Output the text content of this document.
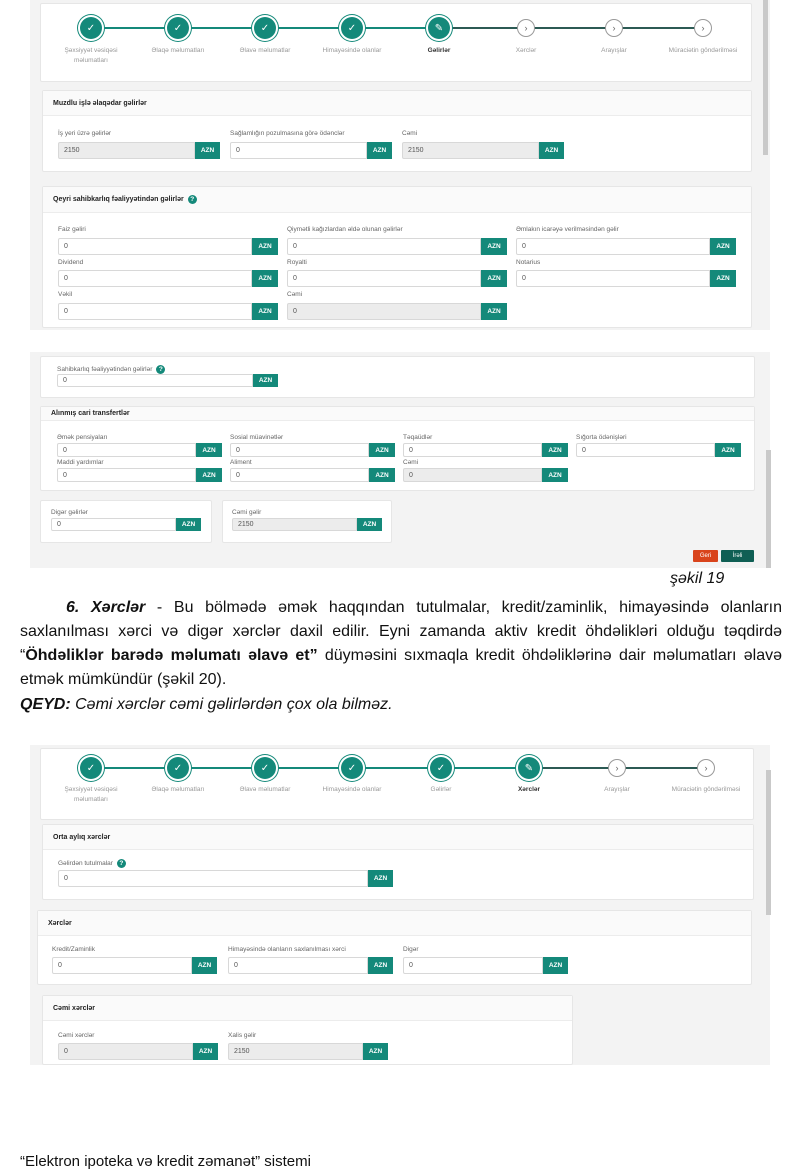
✓
Şəxsiyyət vəsiqəsi məlumatları
✓
Əlaqə məlumatları
✓
Əlavə məlumatlar
✓
Himayəsində olanlar
✎
Gəlirlər
›
Xərclər
›
Arayışlar
›
Müraciətin göndərilməsi
Muzdlu işlə əlaqədar gəlirlər
İş yeri üzrə gəlirlər
2150	AZN
Sağlamlığın pozulmasına görə ödənclər
0	AZN
Cəmi
2150	AZN
Qeyri sahibkarlıq fəaliyyətindən gəlirlər	?
Faiz gəliri
0	AZN
Qiymətli kağızlardan əldə olunan gəlirlər
0	AZN
Əmlakın icarəyə verilməsindən gəlir
0	AZN
Dividend
0	AZN
Royalti
0	AZN
Notarius
0	AZN
Vəkil
0	AZN
Cəmi
0	AZN
Sahibkarlıq fəaliyyətindən gəlirlər ?
0	AZN
Alınmış cari transfertlər
Əmək pensiyaları
0	AZN
Sosial müavinətlər
0	AZN
Təqaüdlər
0	AZN
Sığorta ödənişləri
0	AZN
Maddi yardımlar
0	AZN
Aliment
0	AZN
Cəmi
0	AZN
Digər gəlirlər
0	AZN
Cəmi gəlir
2150	AZN
Geri	İrəli
✓
Şəxsiyyət vəsiqəsi məlumatları
✓
Əlaqə məlumatları
✓
Əlavə məlumatlar
✓
Himayəsində olanlar
✓
Gəlirlər
✎
Xərclər
›
Arayışlar
›
Müraciətin göndərilməsi
Orta aylıq xərclər
Gəlirdən tutulmalar ?
0	AZN
Xərclər
Kredit/Zaminlik
0	AZN
Himayəsində olanların saxlanılması xərci
0	AZN
Digər
0	AZN
Cəmi xərclər
Cəmi xərclər
0	AZN
Xalis gəlir
2150	AZN

6. Xərclər - Bu bölmədə əmək haqqından tutulmalar, kredit/zaminlik, himayəsində olanların saxlanılması xərci və digər xərclər daxil edilir. Eyni zamanda aktiv kredit öhdəlikləri olduğu təqdirdə “Öhdəliklər barədə məlumatı əlavə et” düyməsini sıxmaqla kredit öhdəliklərinə dair məlumatları əlavə etmək mümkündür (şəkil 20).

QEYD: Cəmi xərclər cəmi gəlirlərdən çox ola bilməz.

şəkil 19
“Elektron ipoteka və kredit zəmanət” sistemi
